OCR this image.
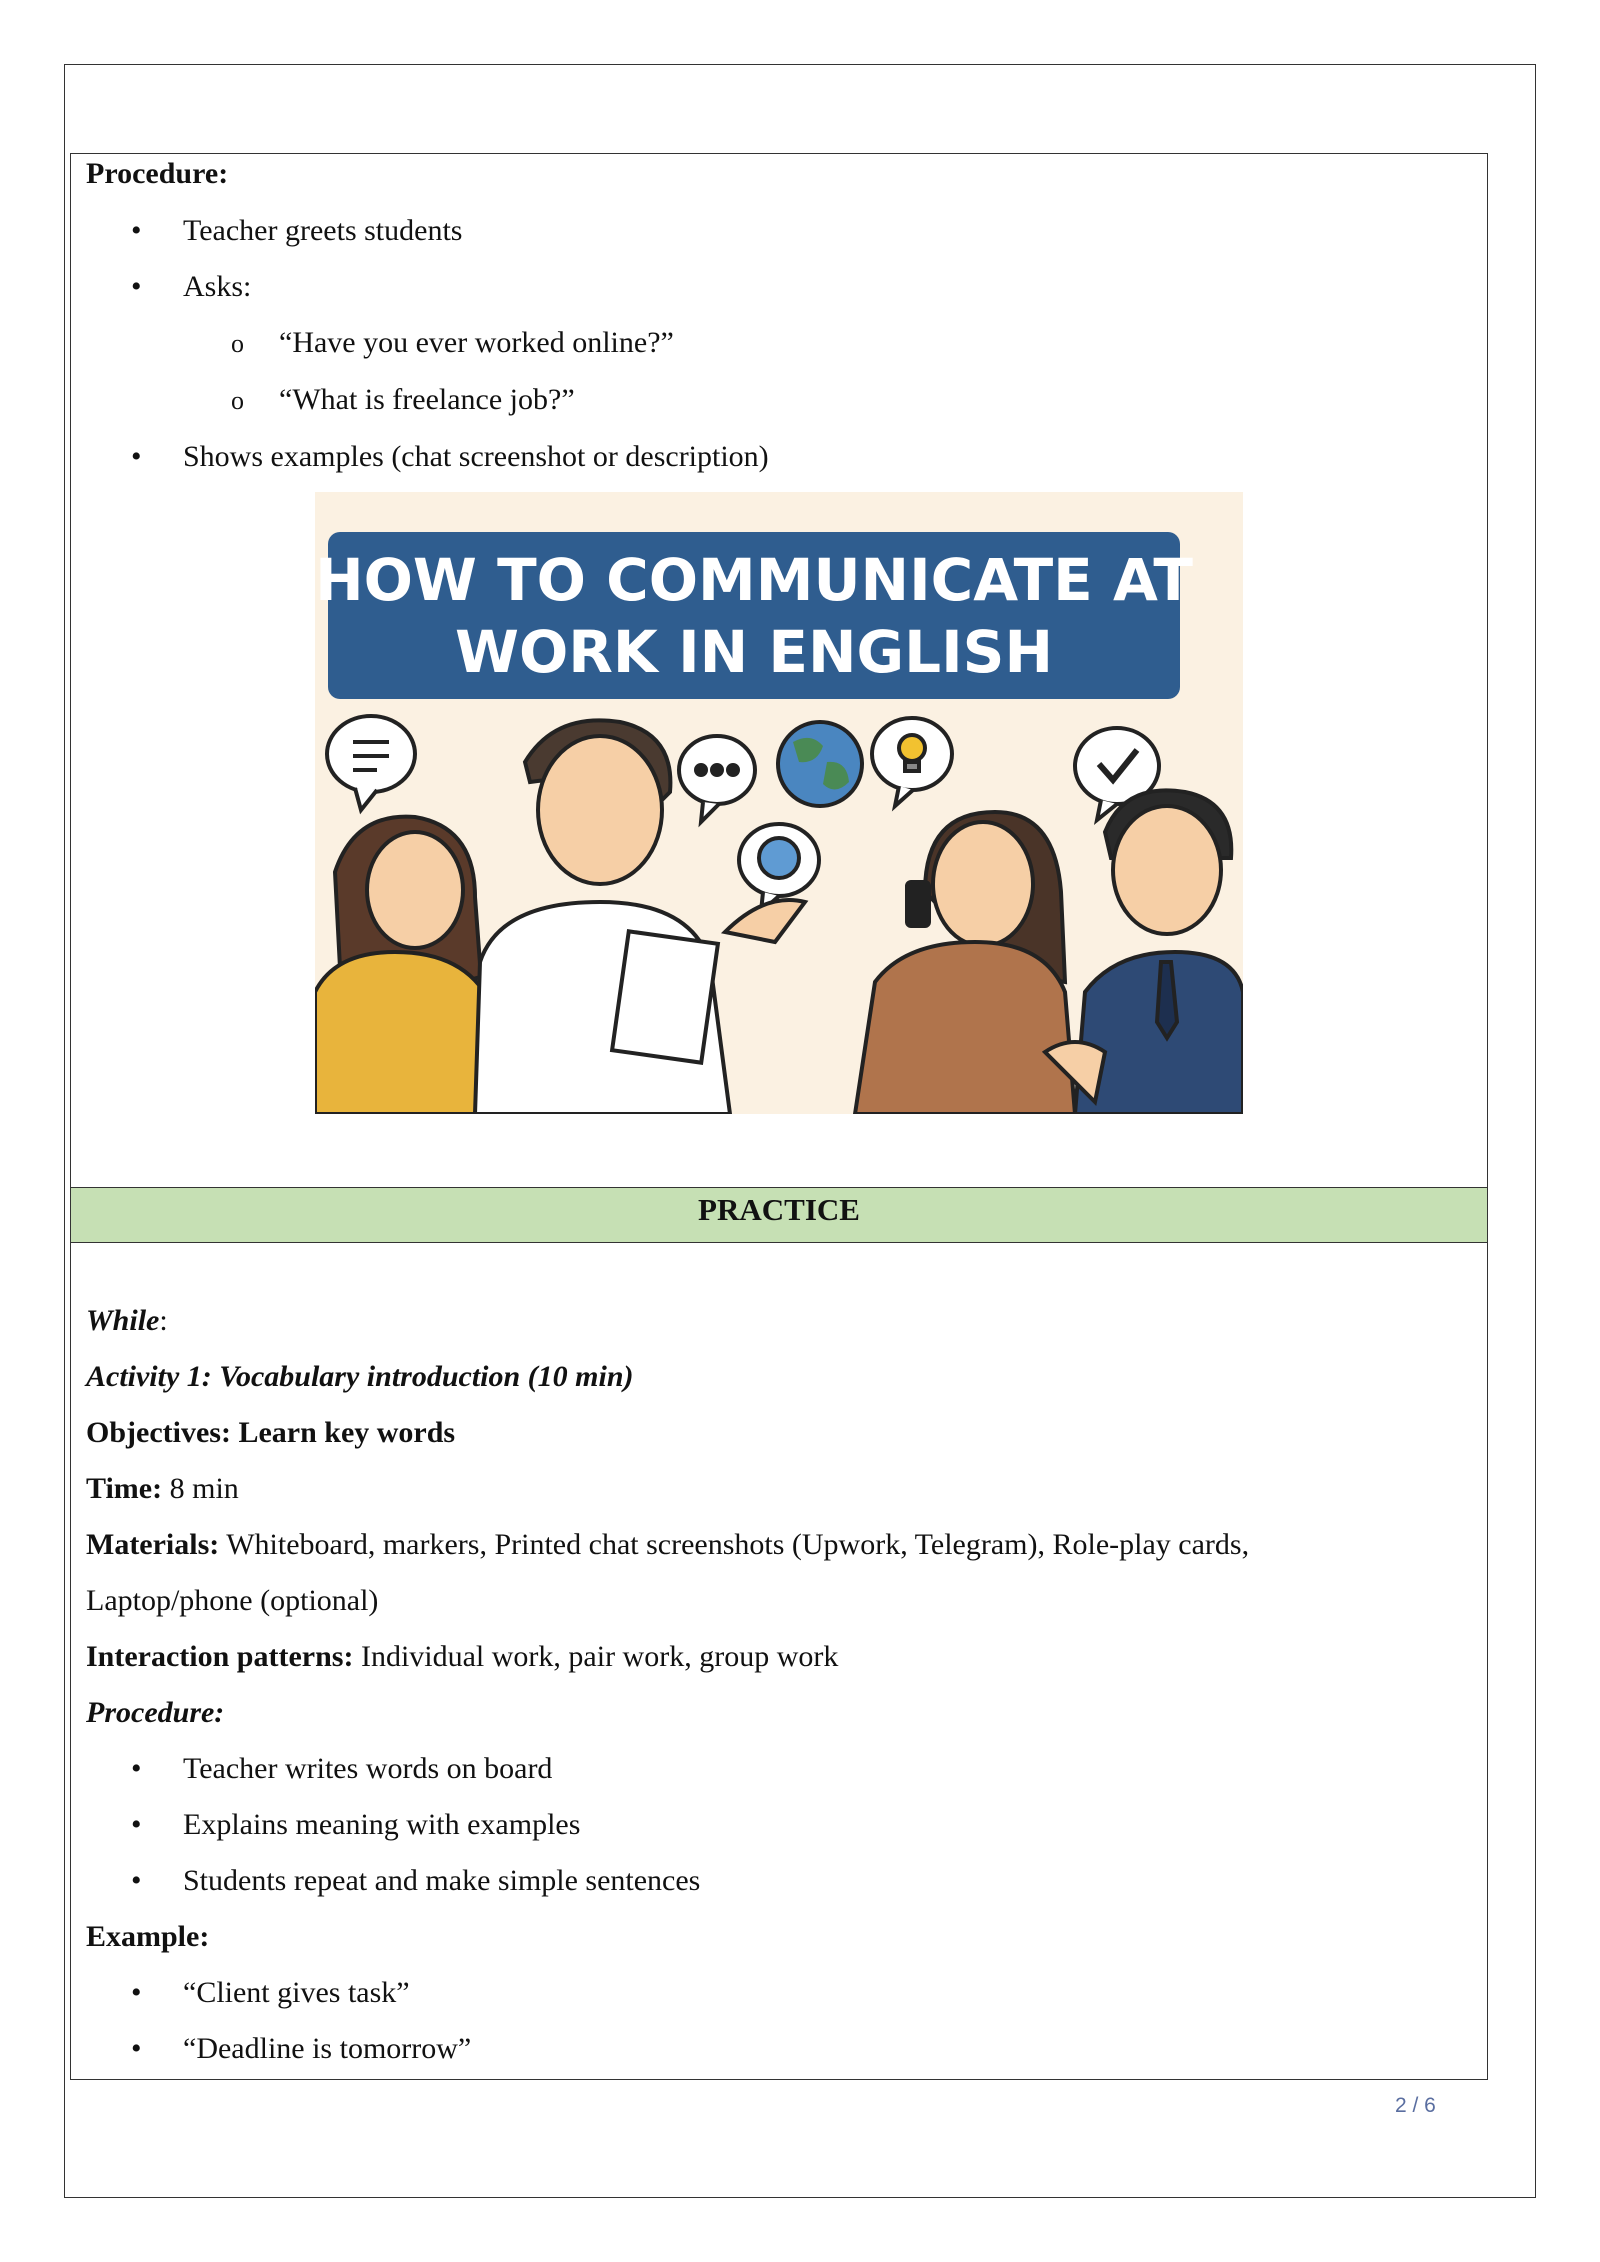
Procedure:
• Teacher greets students
• Asks:
o “Have you ever worked online?”
o “What is freelance job?”
• Shows examples (chat screenshot or description)
HOW TO COMMUNICATE AT
WORK IN ENGLISH
PRACTICE
While:
Activity 1: Vocabulary introduction (10 min)
Objectives: Learn key words
Time: 8 min
Materials: Whiteboard, markers, Printed chat screenshots (Upwork, Telegram), Role-play cards,
Laptop/phone (optional)
Interaction patterns: Individual work, pair work, group work
Procedure:
• Teacher writes words on board
• Explains meaning with examples
• Students repeat and make simple sentences
Example:
• “Client gives task”
• “Deadline is tomorrow”
2 / 6
